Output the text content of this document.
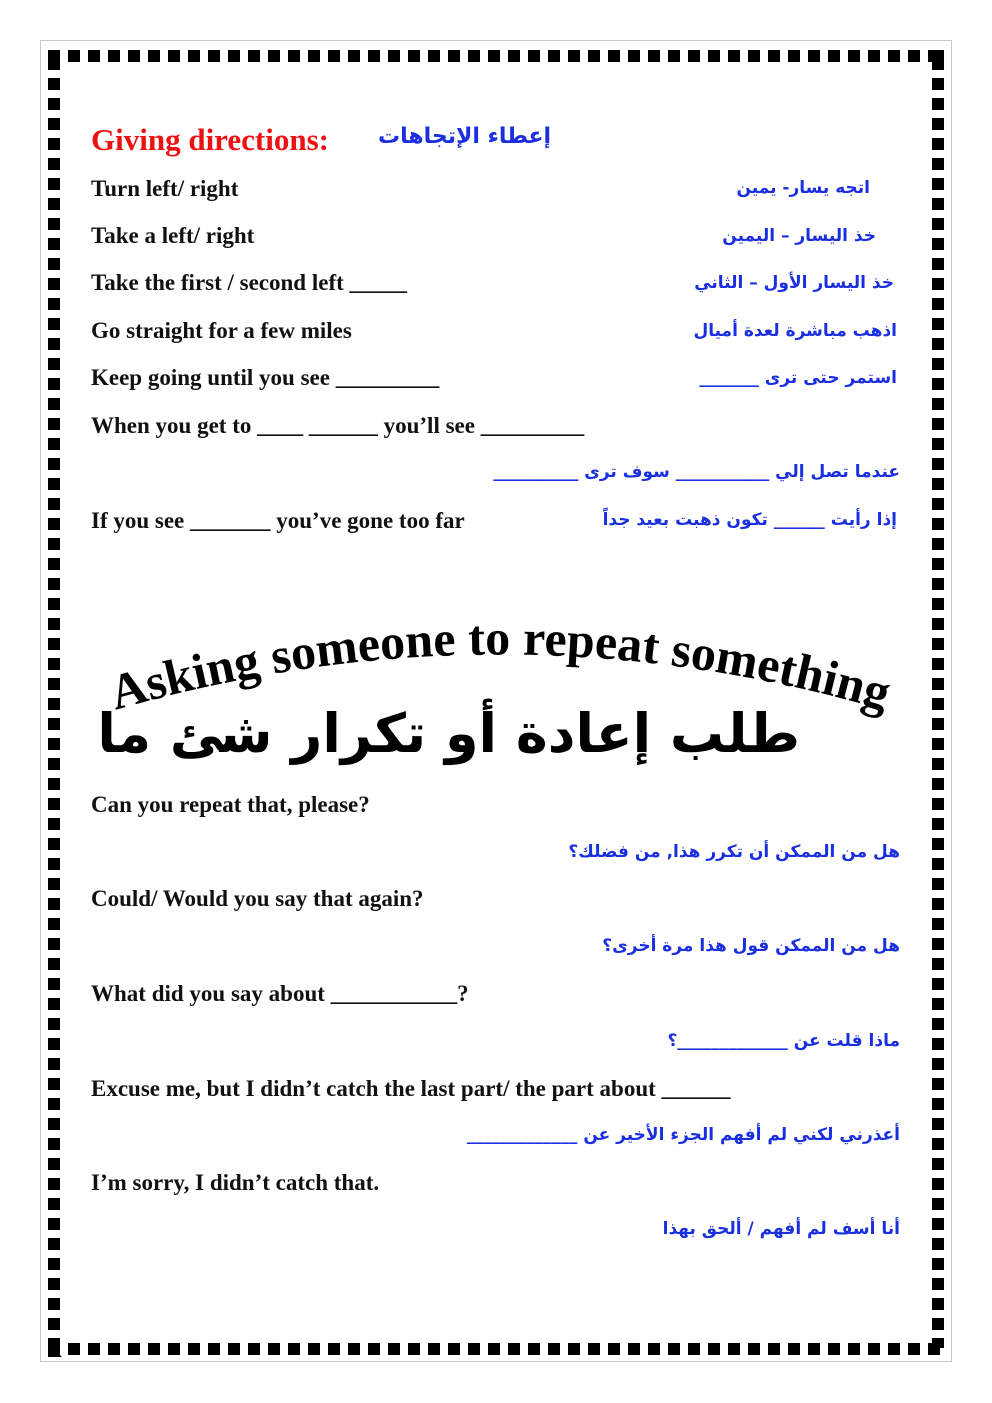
Giving directions: إعطاء الإتجاهات
Turn left/ right	اتجه يسار- يمين
Take a left/ right	خذ اليسار – اليمين
Take the first / second left _____	خذ اليسار الأول – الثاني
Go straight for a few miles	اذهب مباشرة لعدة أميال
Keep going until you see _________	استمر حتى ترى _______
When you get to ____ ______ you’ll see _________
عندما تصل إلي ___________ سوف ترى __________
If you see _______ you’ve gone too far	إذا رأيت ______ تكون ذهبت بعيد جداً
Asking someone to repeat something
طلب إعادة أو تكرار شئ ما
Can you repeat that, please?
هل من الممكن أن تكرر هذا, من فضلك؟
Could/ Would you say that again?
هل من الممكن قول هذا مرة أخرى؟
What did you say about ___________?
ماذا قلت عن _____________؟
Excuse me, but I didn’t catch the last part/ the part about ______
أعذرني لكني لم أفهم الجزء الأخير عن _____________
I’m sorry, I didn’t catch that.
أنا أسف لم أفهم / ألحق بهذا
